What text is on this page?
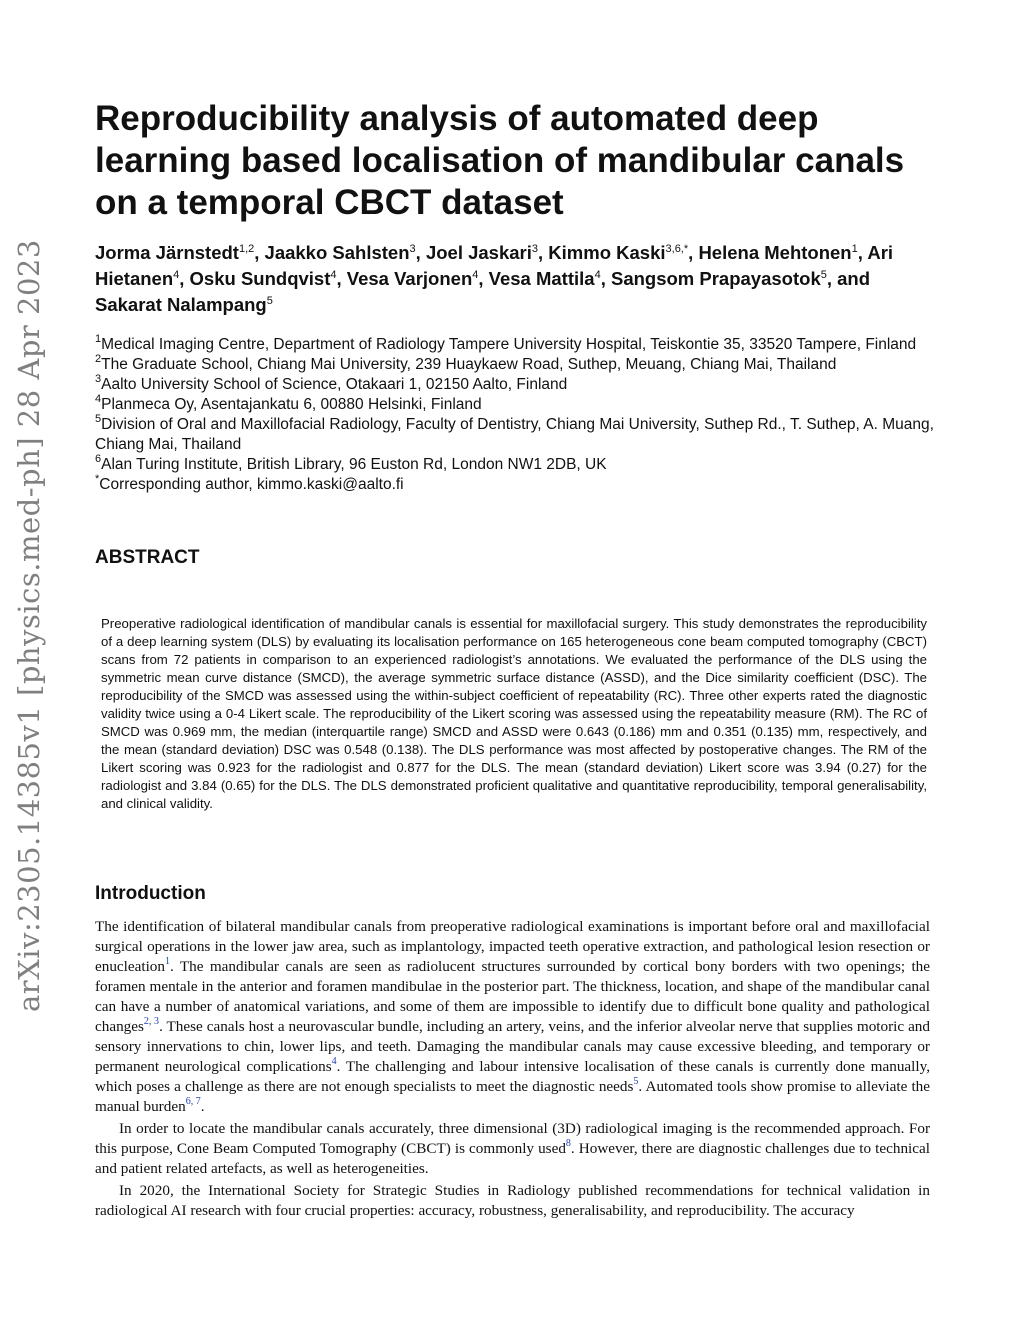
arXiv:2305.14385v1 [physics.med-ph] 28 Apr 2023
Reproducibility analysis of automated deep learning based localisation of mandibular canals on a temporal CBCT dataset
Jorma Järnstedt$^{1,2}$, Jaakko Sahlsten$^3$, Joel Jaskari$^3$, Kimmo Kaski$^{3,6,*}$, Helena Mehtonen$^1$, Ari Hietanen$^4$, Osku Sundqvist$^4$, Vesa Varjonen$^4$, Vesa Mattila$^4$, Sangsom Prapayasotok$^5$, and Sakarat Nalampang$^5$
$^1$Medical Imaging Centre, Department of Radiology Tampere University Hospital, Teiskontie 35, 33520 Tampere, Finland
$^2$The Graduate School, Chiang Mai University, 239 Huaykaew Road, Suthep, Meuang, Chiang Mai, Thailand
$^3$Aalto University School of Science, Otakaari 1, 02150 Aalto, Finland
$^4$Planmeca Oy, Asentajankatu 6, 00880 Helsinki, Finland
$^5$Division of Oral and Maxillofacial Radiology, Faculty of Dentistry, Chiang Mai University, Suthep Rd., T. Suthep, A. Muang, Chiang Mai, Thailand
$^6$Alan Turing Institute, British Library, 96 Euston Rd, London NW1 2DB, UK
*Corresponding author, kimmo.kaski@aalto.fi
ABSTRACT
Preoperative radiological identification of mandibular canals is essential for maxillofacial surgery. This study demonstrates the reproducibility of a deep learning system (DLS) by evaluating its localisation performance on 165 heterogeneous cone beam computed tomography (CBCT) scans from 72 patients in comparison to an experienced radiologist’s annotations. We evaluated the performance of the DLS using the symmetric mean curve distance (SMCD), the average symmetric surface distance (ASSD), and the Dice similarity coefficient (DSC). The reproducibility of the SMCD was assessed using the within-subject coefficient of repeatability (RC). Three other experts rated the diagnostic validity twice using a 0-4 Likert scale. The reproducibility of the Likert scoring was assessed using the repeatability measure (RM). The RC of SMCD was 0.969 mm, the median (interquartile range) SMCD and ASSD were 0.643 (0.186) mm and 0.351 (0.135) mm, respectively, and the mean (standard deviation) DSC was 0.548 (0.138). The DLS performance was most affected by postoperative changes. The RM of the Likert scoring was 0.923 for the radiologist and 0.877 for the DLS. The mean (standard deviation) Likert score was 3.94 (0.27) for the radiologist and 3.84 (0.65) for the DLS. The DLS demonstrated proficient qualitative and quantitative reproducibility, temporal generalisability, and clinical validity.
Introduction

The identification of bilateral mandibular canals from preoperative radiological examinations is important before oral and maxillofacial surgical operations in the lower jaw area, such as implantology, impacted teeth operative extraction, and pathological lesion resection or enucleation$^1$. The mandibular canals are seen as radiolucent structures surrounded by cortical bony borders with two openings; the foramen mentale in the anterior and foramen mandibulae in the posterior part. The thickness, location, and shape of the mandibular canal can have a number of anatomical variations, and some of them are impossible to identify due to difficult bone quality and pathological changes$^{2, 3}$. These canals host a neurovascular bundle, including an artery, veins, and the inferior alveolar nerve that supplies motoric and sensory innervations to chin, lower lips, and teeth. Damaging the mandibular canals may cause excessive bleeding, and temporary or permanent neurological complications$^4$. The challenging and labour intensive localisation of these canals is currently done manually, which poses a challenge as there are not enough specialists to meet the diagnostic needs$^5$. Automated tools show promise to alleviate the manual burden$^{6, 7}$.

In order to locate the mandibular canals accurately, three dimensional (3D) radiological imaging is the recommended approach. For this purpose, Cone Beam Computed Tomography (CBCT) is commonly used$^8$. However, there are diagnostic challenges due to technical and patient related artefacts, as well as heterogeneities.

In 2020, the International Society for Strategic Studies in Radiology published recommendations for technical validation in radiological AI research with four crucial properties: accuracy, robustness, generalisability, and reproducibility. The accuracy
